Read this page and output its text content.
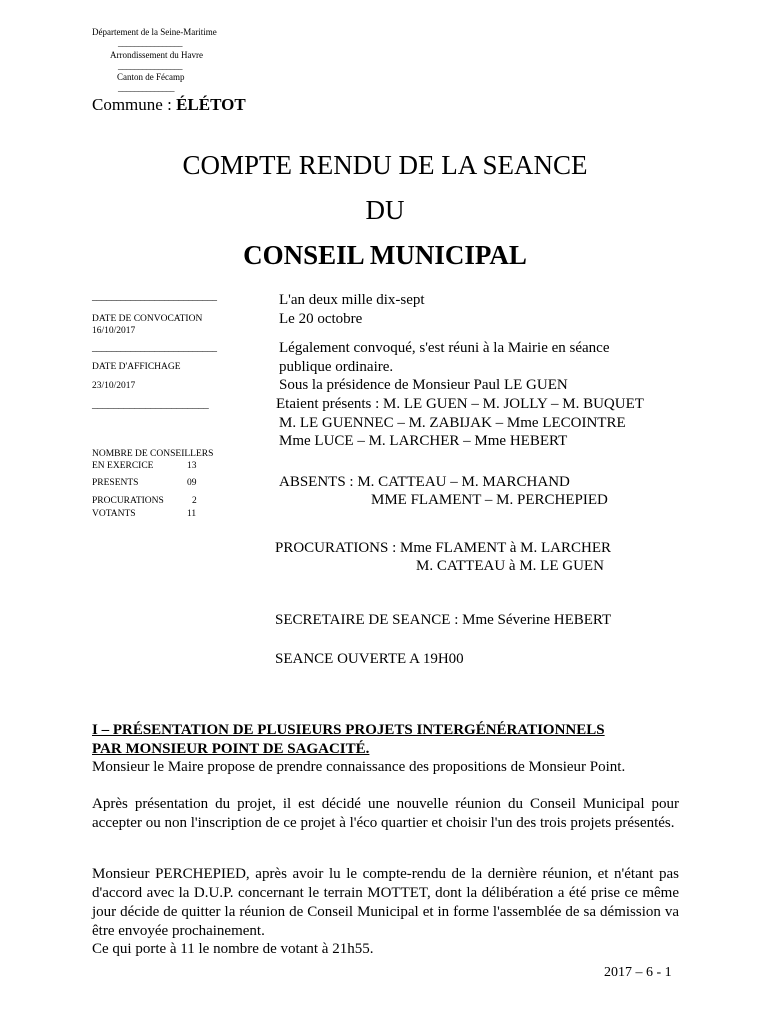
Département de la Seine-Maritime
________________
Arrondissement du Havre
________________
Canton de Fécamp
______________
Commune : ÉLÉTOT
COMPTE RENDU DE LA SEANCE
DU
CONSEIL MUNICIPAL
__________________________
DATE DE CONVOCATION
16/10/2017
__________________________
DATE D'AFFICHAGE
23/10/2017
______________________
NOMBRE DE CONSEILLERS
EN EXERCICE	13
PRESENTS	09
PROCURATIONS	2
VOTANTS	11
L'an deux mille dix-sept
Le 20 octobre
Légalement convoqué, s'est réuni à la Mairie en séance
publique ordinaire.
Sous la présidence de Monsieur Paul LE GUEN
Etaient présents : M. LE GUEN – M. JOLLY – M. BUQUET
M. LE GUENNEC – M. ZABIJAK – Mme LECOINTRE
Mme LUCE – M. LARCHER – Mme HEBERT
ABSENTS : M. CATTEAU – M. MARCHAND
MME FLAMENT – M. PERCHEPIED
PROCURATIONS : Mme FLAMENT à M. LARCHER
M. CATTEAU à M. LE GUEN
SECRETAIRE DE SEANCE : Mme Séverine HEBERT
SEANCE OUVERTE A 19H00
I – PRÉSENTATION DE PLUSIEURS PROJETS INTERGÉNÉRATIONNELS
PAR MONSIEUR POINT DE SAGACITÉ.
Monsieur le Maire propose de prendre connaissance des propositions de Monsieur Point.
Après présentation du projet, il est décidé une nouvelle réunion du Conseil Municipal pour accepter ou non l'inscription de ce projet à l'éco quartier et choisir l'un des trois projets présentés.
Monsieur PERCHEPIED, après avoir lu le compte-rendu de la dernière réunion, et n'étant pas d'accord avec la D.U.P. concernant le terrain MOTTET, dont la délibération a été prise ce même jour décide de quitter la réunion de Conseil Municipal et in forme l'assemblée de sa démission va être envoyée prochainement.
Ce qui porte à 11 le nombre de votant à 21h55.
2017 – 6 - 1
